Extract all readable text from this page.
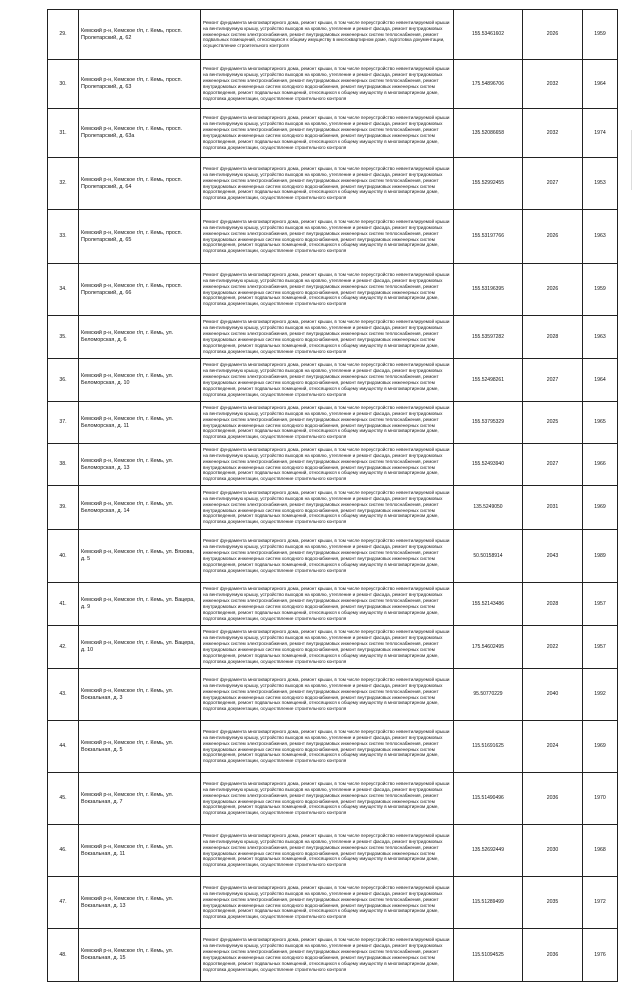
29.	Кемский р-н, Кемское г/п, г. Кемь, просп. Пролетарский, д. 62	Ремонт фундамента многоквартирного дома, ремонт крыши, в том числе переустройство невентилируемой крыши на вентилируемую крышу, устройство выходов на кровлю, утепление и ремонт фасада, ремонт внутридомовых инженерных систем электроснабжения, ремонт внутридомовых инженерных систем теплоснабжения, ремонт подвальных помещений, относящихся к общему имуществу в многоквартирном доме, подготовка документации, осуществление строительного контроля	155.53461602	2026	1959
30.	Кемский р-н, Кемское г/п, г. Кемь, просп. Пролетарский, д. 63	Ремонт фундамента многоквартирного дома, ремонт крыши, в том числе переустройство невентилируемой крыши на вентилируемую крышу, устройство выходов на кровлю, утепление и ремонт фасада, ремонт внутридомовых инженерных систем электроснабжения, ремонт внутридомовых инженерных систем теплоснабжения, ремонт внутридомовых инженерных систем холодного водоснабжения, ремонт внутридомовых инженерных систем водоотведения, ремонт подвальных помещений, относящихся к общему имуществу в многоквартирном доме, подготовка документации, осуществление строительного контроля	175.54896706	2032	1964
31.	Кемский р-н, Кемское г/п, г. Кемь, просп. Пролетарский, д. 63а	Ремонт фундамента многоквартирного дома, ремонт крыши, в том числе переустройство невентилируемой крыши на вентилируемую крышу, устройство выходов на кровлю, утепление и ремонт фасада, ремонт внутридомовых инженерных систем электроснабжения, ремонт внутридомовых инженерных систем теплоснабжения, ремонт внутридомовых инженерных систем холодного водоснабжения, ремонт внутридомовых инженерных систем водоотведения, ремонт подвальных помещений, относящихся к общему имуществу в многоквартирном доме, подготовка документации, осуществление строительного контроля	135.52086658	2032	1974
32.	Кемский р-н, Кемское г/п, г. Кемь, просп. Пролетарский, д. 64	Ремонт фундамента многоквартирного дома, ремонт крыши, в том числе переустройство невентилируемой крыши на вентилируемую крышу, устройство выходов на кровлю, утепление и ремонт фасада, ремонт внутридомовых инженерных систем электроснабжения, ремонт внутридомовых инженерных систем теплоснабжения, ремонт внутридомовых инженерных систем холодного водоснабжения, ремонт внутридомовых инженерных систем водоотведения, ремонт подвальных помещений, относящихся к общему имуществу в многоквартирном доме, подготовка документации, осуществление строительного контроля	155.52992455	2027	1953
33.	Кемский р-н, Кемское г/п, г. Кемь, просп. Пролетарский, д. 65	Ремонт фундамента многоквартирного дома, ремонт крыши, в том числе переустройство невентилируемой крыши на вентилируемую крышу, устройство выходов на кровлю, утепление и ремонт фасада, ремонт внутридомовых инженерных систем электроснабжения, ремонт внутридомовых инженерных систем теплоснабжения, ремонт внутридомовых инженерных систем холодного водоснабжения, ремонт внутридомовых инженерных систем водоотведения, ремонт подвальных помещений, относящихся к общему имуществу в многоквартирном доме, подготовка документации, осуществление строительного контроля	155.53197766	2026	1963
34.	Кемский р-н, Кемское г/п, г. Кемь, просп. Пролетарский, д. 66	Ремонт фундамента многоквартирного дома, ремонт крыши, в том числе переустройство невентилируемой крыши на вентилируемую крышу, устройство выходов на кровлю, утепление и ремонт фасада, ремонт внутридомовых инженерных систем электроснабжения, ремонт внутридомовых инженерных систем теплоснабжения, ремонт внутридомовых инженерных систем холодного водоснабжения, ремонт внутридомовых инженерных систем водоотведения, ремонт подвальных помещений, относящихся к общему имуществу в многоквартирном доме, подготовка документации, осуществление строительного контроля	155.53196395	2026	1959
35.	Кемский р-н, Кемское г/п, г. Кемь, ул. Беломорская, д. 6	Ремонт фундамента многоквартирного дома, ремонт крыши, в том числе переустройство невентилируемой крыши на вентилируемую крышу, устройство выходов на кровлю, утепление и ремонт фасада, ремонт внутридомовых инженерных систем электроснабжения, ремонт внутридомовых инженерных систем теплоснабжения, ремонт внутридомовых инженерных систем холодного водоснабжения, ремонт внутридомовых инженерных систем водоотведения, ремонт подвальных помещений, относящихся к общему имуществу в многоквартирном доме, подготовка документации, осуществление строительного контроля	155.53597282	2028	1963
36.	Кемский р-н, Кемское г/п, г. Кемь, ул. Беломорская, д. 10	Ремонт фундамента многоквартирного дома, ремонт крыши, в том числе переустройство невентилируемой крыши на вентилируемую крышу, устройство выходов на кровлю, утепление и ремонт фасада, ремонт внутридомовых инженерных систем электроснабжения, ремонт внутридомовых инженерных систем теплоснабжения, ремонт внутридомовых инженерных систем холодного водоснабжения, ремонт внутридомовых инженерных систем водоотведения, ремонт подвальных помещений, относящихся к общему имуществу в многоквартирном доме, подготовка документации, осуществление строительного контроля	155.52498261	2027	1964
37.	Кемский р-н, Кемское г/п, г. Кемь, ул. Беломорская, д. 11	Ремонт фундамента многоквартирного дома, ремонт крыши, в том числе переустройство невентилируемой крыши на вентилируемую крышу, устройство выходов на кровлю, утепление и ремонт фасада, ремонт внутридомовых инженерных систем электроснабжения, ремонт внутридомовых инженерных систем теплоснабжения, ремонт внутридомовых инженерных систем холодного водоснабжения, ремонт внутридомовых инженерных систем водоотведения, ремонт подвальных помещений, относящихся к общему имуществу в многоквартирном доме, подготовка документации, осуществление строительного контроля	155.53795329	2025	1965
38.	Кемский р-н, Кемское г/п, г. Кемь, ул. Беломорская, д. 13	Ремонт фундамента многоквартирного дома, ремонт крыши, в том числе переустройство невентилируемой крыши на вентилируемую крышу, устройство выходов на кровлю, утепление и ремонт фасада, ремонт внутридомовых инженерных систем электроснабжения, ремонт внутридомовых инженерных систем теплоснабжения, ремонт внутридомовых инженерных систем холодного водоснабжения, ремонт внутридомовых инженерных систем водоотведения, ремонт подвальных помещений, относящихся к общему имуществу в многоквартирном доме, подготовка документации, осуществление строительного контроля	155.52493940	2027	1966
39.	Кемский р-н, Кемское г/п, г. Кемь, ул. Беломорская, д. 14	Ремонт фундамента многоквартирного дома, ремонт крыши, в том числе переустройство невентилируемой крыши на вентилируемую крышу, устройство выходов на кровлю, утепление и ремонт фасада, ремонт внутридомовых инженерных систем электроснабжения, ремонт внутридомовых инженерных систем теплоснабжения, ремонт внутридомовых инженерных систем холодного водоснабжения, ремонт внутридомовых инженерных систем водоотведения, ремонт подвальных помещений, относящихся к общему имуществу в многоквартирном доме, подготовка документации, осуществление строительного контроля	135.5249050	2031	1969
40.	Кемский р-н, Кемское г/п, г. Кемь, ул. Вязова, д. 5	Ремонт фундамента многоквартирного дома, ремонт крыши, в том числе переустройство невентилируемой крыши на вентилируемую крышу, устройство выходов на кровлю, утепление и ремонт фасада, ремонт внутридомовых инженерных систем электроснабжения, ремонт внутридомовых инженерных систем теплоснабжения, ремонт внутридомовых инженерных систем холодного водоснабжения, ремонт внутридомовых инженерных систем водоотведения, ремонт подвальных помещений, относящихся к общему имуществу в многоквартирном доме, подготовка документации, осуществление строительного контроля	50.50158914	2043	1989
41.	Кемский р-н, Кемское г/п, г. Кемь, ул. Вацера, д. 9	Ремонт фундамента многоквартирного дома, ремонт крыши, в том числе переустройство невентилируемой крыши на вентилируемую крышу, устройство выходов на кровлю, утепление и ремонт фасада, ремонт внутридомовых инженерных систем электроснабжения, ремонт внутридомовых инженерных систем теплоснабжения, ремонт внутридомовых инженерных систем холодного водоснабжения, ремонт внутридомовых инженерных систем водоотведения, ремонт подвальных помещений, относящихся к общему имуществу в многоквартирном доме, подготовка документации, осуществление строительного контроля	155.52143486	2028	1957
42.	Кемский р-н, Кемское г/п, г. Кемь, ул. Вацера, д. 10	Ремонт фундамента многоквартирного дома, ремонт крыши, в том числе переустройство невентилируемой крыши на вентилируемую крышу, устройство выходов на кровлю, утепление и ремонт фасада, ремонт внутридомовых инженерных систем электроснабжения, ремонт внутридомовых инженерных систем теплоснабжения, ремонт внутридомовых инженерных систем холодного водоснабжения, ремонт внутридомовых инженерных систем водоотведения, ремонт подвальных помещений, относящихся к общему имуществу в многоквартирном доме, подготовка документации, осуществление строительного контроля	175.54602495	2022	1957
43.	Кемский р-н, Кемское г/п, г. Кемь, ул. Вокзальная, д. 3	Ремонт фундамента многоквартирного дома, ремонт крыши, в том числе переустройство невентилируемой крыши на вентилируемую крышу, устройство выходов на кровлю, утепление и ремонт фасада, ремонт внутридомовых инженерных систем электроснабжения, ремонт внутридомовых инженерных систем теплоснабжения, ремонт внутридомовых инженерных систем холодного водоснабжения, ремонт внутридомовых инженерных систем водоотведения, ремонт подвальных помещений, относящихся к общему имуществу в многоквартирном доме, подготовка документации, осуществление строительного контроля	95.50770229	2040	1992
44.	Кемский р-н, Кемское г/п, г. Кемь, ул. Вокзальная, д. 5	Ремонт фундамента многоквартирного дома, ремонт крыши, в том числе переустройство невентилируемой крыши на вентилируемую крышу, устройство выходов на кровлю, утепление и ремонт фасада, ремонт внутридомовых инженерных систем электроснабжения, ремонт внутридомовых инженерных систем теплоснабжения, ремонт внутридомовых инженерных систем холодного водоснабжения, ремонт внутридомовых инженерных систем водоотведения, ремонт подвальных помещений, относящихся к общему имуществу в многоквартирном доме, подготовка документации, осуществление строительного контроля	115.51691625	2024	1969
45.	Кемский р-н, Кемское г/п, г. Кемь, ул. Вокзальная, д. 7	Ремонт фундамента многоквартирного дома, ремонт крыши, в том числе переустройство невентилируемой крыши на вентилируемую крышу, устройство выходов на кровлю, утепление и ремонт фасада, ремонт внутридомовых инженерных систем электроснабжения, ремонт внутридомовых инженерных систем теплоснабжения, ремонт внутридомовых инженерных систем холодного водоснабжения, ремонт внутридомовых инженерных систем водоотведения, ремонт подвальных помещений, относящихся к общему имуществу в многоквартирном доме, подготовка документации, осуществление строительного контроля	115.51490496	2036	1970
46.	Кемский р-н, Кемское г/п, г. Кемь, ул. Вокзальная, д. 11	Ремонт фундамента многоквартирного дома, ремонт крыши, в том числе переустройство невентилируемой крыши на вентилируемую крышу, устройство выходов на кровлю, утепление и ремонт фасада, ремонт внутридомовых инженерных систем электроснабжения, ремонт внутридомовых инженерных систем теплоснабжения, ремонт внутридомовых инженерных систем холодного водоснабжения, ремонт внутридомовых инженерных систем водоотведения, ремонт подвальных помещений, относящихся к общему имуществу в многоквартирном доме, подготовка документации, осуществление строительного контроля	135.52692449	2030	1968
47.	Кемский р-н, Кемское г/п, г. Кемь, ул. Вокзальная, д. 13	Ремонт фундамента многоквартирного дома, ремонт крыши, в том числе переустройство невентилируемой крыши на вентилируемую крышу, устройство выходов на кровлю, утепление и ремонт фасада, ремонт внутридомовых инженерных систем электроснабжения, ремонт внутридомовых инженерных систем теплоснабжения, ремонт внутридомовых инженерных систем холодного водоснабжения, ремонт внутридомовых инженерных систем водоотведения, ремонт подвальных помещений, относящихся к общему имуществу в многоквартирном доме, подготовка документации, осуществление строительного контроля	115.51289499	2035	1972
48.	Кемский р-н, Кемское г/п, г. Кемь, ул. Вокзальная, д. 15	Ремонт фундамента многоквартирного дома, ремонт крыши, в том числе переустройство невентилируемой крыши на вентилируемую крышу, устройство выходов на кровлю, утепление и ремонт фасада, ремонт внутридомовых инженерных систем электроснабжения, ремонт внутридомовых инженерных систем теплоснабжения, ремонт внутридомовых инженерных систем холодного водоснабжения, ремонт внутридомовых инженерных систем водоотведения, ремонт подвальных помещений, относящихся к общему имуществу в многоквартирном доме, подготовка документации, осуществление строительного контроля	115.51094525	2036	1976
